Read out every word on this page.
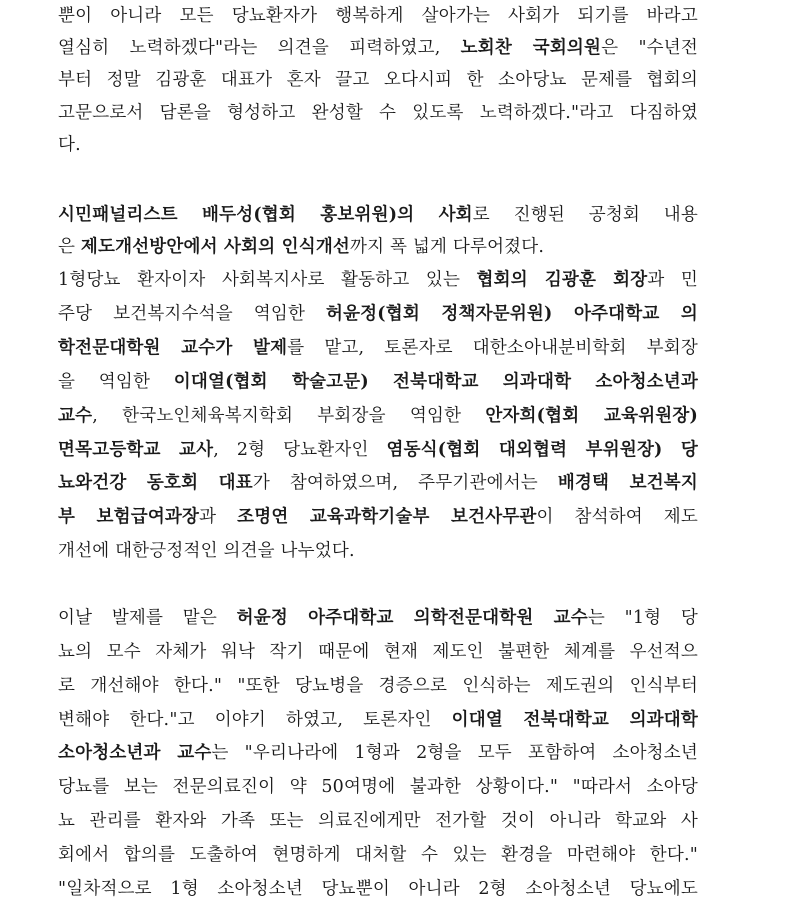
뿐이 아니라 모든 당뇨환자가 행복하게 살아가는 사회가 되기를 바라고
열심히 노력하겠다"라는 의견을 피력하였고, 노회찬 국회의원은 "수년전
부터 정말 김광훈 대표가 혼자 끌고 오다시피 한 소아당뇨 문제를 협회의
고문으로서 담론을 형성하고 완성할 수 있도록 노력하겠다."라고 다짐하였
다.
시민패널리스트 배두성(협회 홍보위원)의 사회로 진행된 공청회 내용
은 제도개선방안에서 사회의 인식개선까지 폭 넓게 다루어졌다.
1형당뇨 환자이자 사회복지사로 활동하고 있는 협회의 김광훈 회장과 민
주당 보건복지수석을 역임한 허윤정(협회 정책자문위원) 아주대학교 의
학전문대학원 교수가 발제를 맡고, 토론자로 대한소아내분비학회 부회장
을 역임한 이대열(협회 학술고문) 전북대학교 의과대학 소아청소년과
교수, 한국노인체육복지학회 부회장을 역임한 안자희(협회 교육위원장)
면목고등학교 교사, 2형 당뇨환자인 염동식(협회 대외협력 부위원장) 당
뇨와건강 동호회 대표가 참여하였으며, 주무기관에서는 배경택 보건복지
부 보험급여과장과 조명연 교육과학기술부 보건사무관이 참석하여 제도
개선에 대한긍정적인 의견을 나누었다.
이날 발제를 맡은 허윤정 아주대학교 의학전문대학원 교수는 "1형 당
뇨의 모수 자체가 워낙 작기 때문에 현재 제도인 불편한 체계를 우선적으
로 개선해야 한다." "또한 당뇨병을 경증으로 인식하는 제도권의 인식부터
변해야 한다."고 이야기 하였고, 토론자인 이대열 전북대학교 의과대학
소아청소년과 교수는 "우리나라에 1형과 2형을 모두 포함하여 소아청소년
당뇨를 보는 전문의료진이 약 50여명에 불과한 상황이다." "따라서 소아당
뇨 관리를 환자와 가족 또는 의료진에게만 전가할 것이 아니라 학교와 사
회에서 합의를 도출하여 현명하게 대처할 수 있는 환경을 마련해야 한다."
"일차적으로 1형 소아청소년 당뇨뿐이 아니라 2형 소아청소년 당뇨에도
